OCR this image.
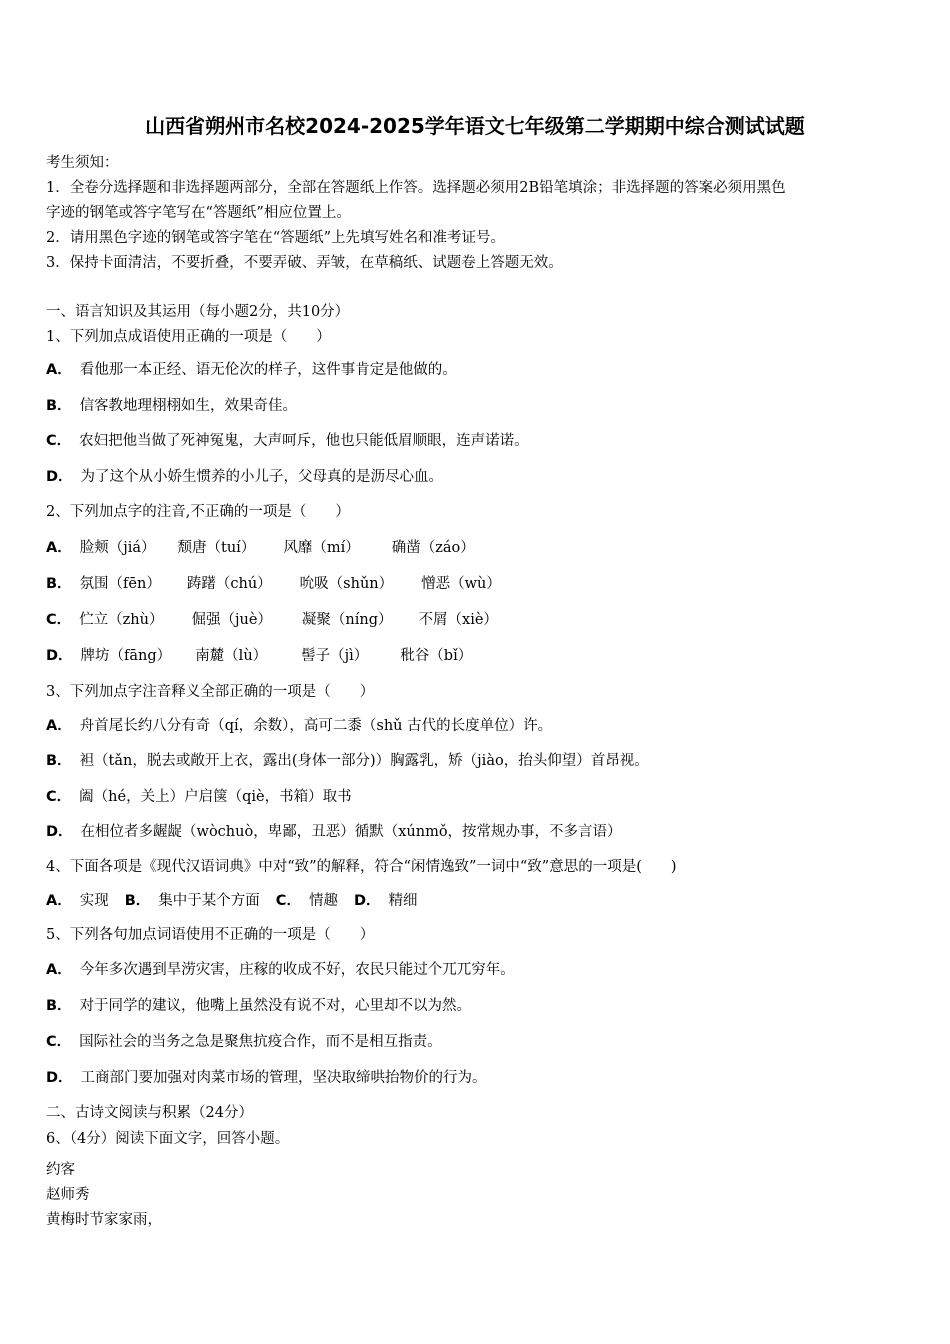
山西省朔州市名校2024-2025学年语文七年级第二学期期中综合测试试题
考生须知：
1．全卷分选择题和非选择题两部分，全部在答题纸上作答。选择题必须用2B铅笔填涂；非选择题的答案必须用黑色
字迹的钢笔或答字笔写在“答题纸”相应位置上。
2．请用黑色字迹的钢笔或答字笔在“答题纸”上先填写姓名和准考证号。
3．保持卡面清洁，不要折叠，不要弄破、弄皱，在草稿纸、试题卷上答题无效。
一、语言知识及其运用（每小题2分，共10分）
1、下列加点成语使用正确的一项是（　　）
A． 看他那一本正经、语无伦次的样子，这件事肯定是他做的。
B． 信客教地理栩栩如生，效果奇佳。
C． 农妇把他当做了死神冤鬼，大声呵斥，他也只能低眉顺眼，连声诺诺。
D． 为了这个从小娇生惯养的小儿子，父母真的是沥尽心血。
2、下列加点字的注音,不正确的一项是（　　）
A． 脸颊（jiá） 颓唐（tuí） 风靡（mí） 确凿（záo）
B． 氛围（fēn） 踌躇（chú） 吮吸（shǔn） 憎恶（wù）
C． 伫立（zhù） 倔强（juè） 凝聚（níng） 不屑（xiè）
D． 牌坊（fāng） 南麓（lù） 髻子（jì） 秕谷（bǐ）
3、下列加点字注音释义全部正确的一项是（　　）
A． 舟首尾长约八分有奇（qí，余数），高可二黍（shǔ 古代的长度单位）许。
B． 袒（tǎn，脱去或敞开上衣，露出(身体一部分)）胸露乳，矫（jiào，抬头仰望）首昂视。
C． 阖（hé，关上）户启箧（qiè，书箱）取书
D． 在相位者多龌龊（wòchuò，卑鄙，丑恶）循默（xúnmǒ，按常规办事，不多言语）
4、下面各项是《现代汉语词典》中对“致”的解释，符合“闲情逸致”一词中“致”意思的一项是(　　)
A． 实现 B． 集中于某个方面 C． 情趣 D． 精细
5、下列各句加点词语使用不正确的一项是（　　）
A． 今年多次遇到旱涝灾害，庄稼的收成不好，农民只能过个兀兀穷年。
B． 对于同学的建议，他嘴上虽然没有说不对，心里却不以为然。
C． 国际社会的当务之急是聚焦抗疫合作，而不是相互指责。
D． 工商部门要加强对肉菜市场的管理，坚决取缔哄抬物价的行为。
二、古诗文阅读与积累（24分）
6、（4分）阅读下面文字，回答小题。
约客
赵师秀
黄梅时节家家雨，
